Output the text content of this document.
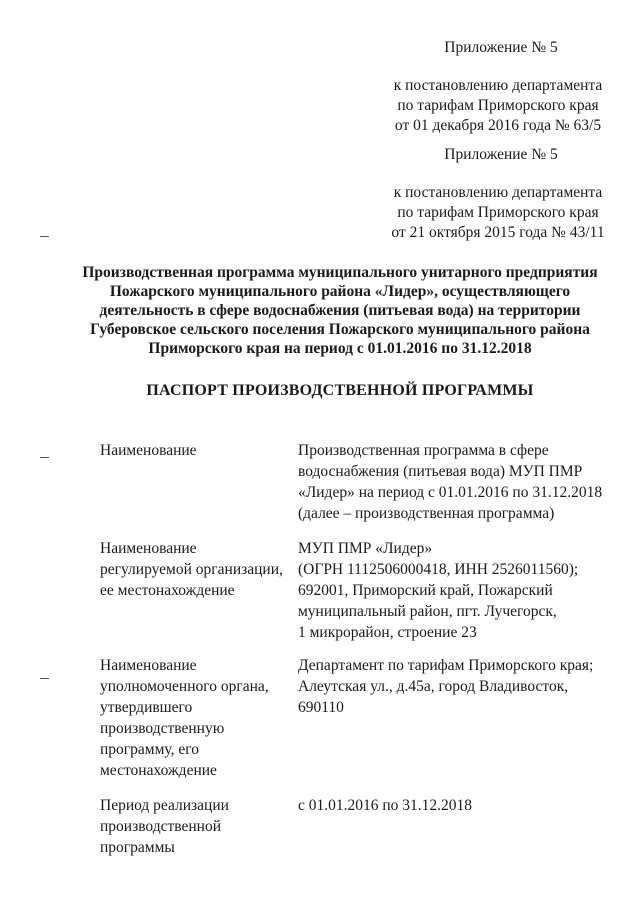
Приложение № 5
к постановлению департамента
по тарифам Приморского края
от 01 декабря 2016 года № 63/5
Приложение № 5
к постановлению департамента
по тарифам Приморского края
от 21 октября 2015 года № 43/11
Производственная программа муниципального унитарного предприятия
Пожарского муниципального района «Лидер», осуществляющего
деятельность в сфере водоснабжения (питьевая вода) на территории
Губеровское сельского поселения Пожарского муниципального района
Приморского края на период с 01.01.2016 по 31.12.2018
ПАСПОРТ ПРОИЗВОДСТВЕННОЙ ПРОГРАММЫ
Наименование	Производственная программа в сфере
водоснабжения (питьевая вода) МУП ПМР
«Лидер» на период с 01.01.2016 по 31.12.2018
(далее – производственная программа)
Наименование
регулируемой организации,
ее местонахождение
МУП ПМР «Лидер»
(ОГРН 1112506000418, ИНН 2526011560);
692001, Приморский край, Пожарский
муниципальный район, пгт. Лучегорск,
1 микрорайон, строение 23
Наименование
уполномоченного органа,
утвердившего
производственную
программу, его
местонахождение
Департамент по тарифам Приморского края;
Алеутская ул., д.45а, город Владивосток,
690110
Период реализации
производственной
программы
с 01.01.2016 по 31.12.2018
